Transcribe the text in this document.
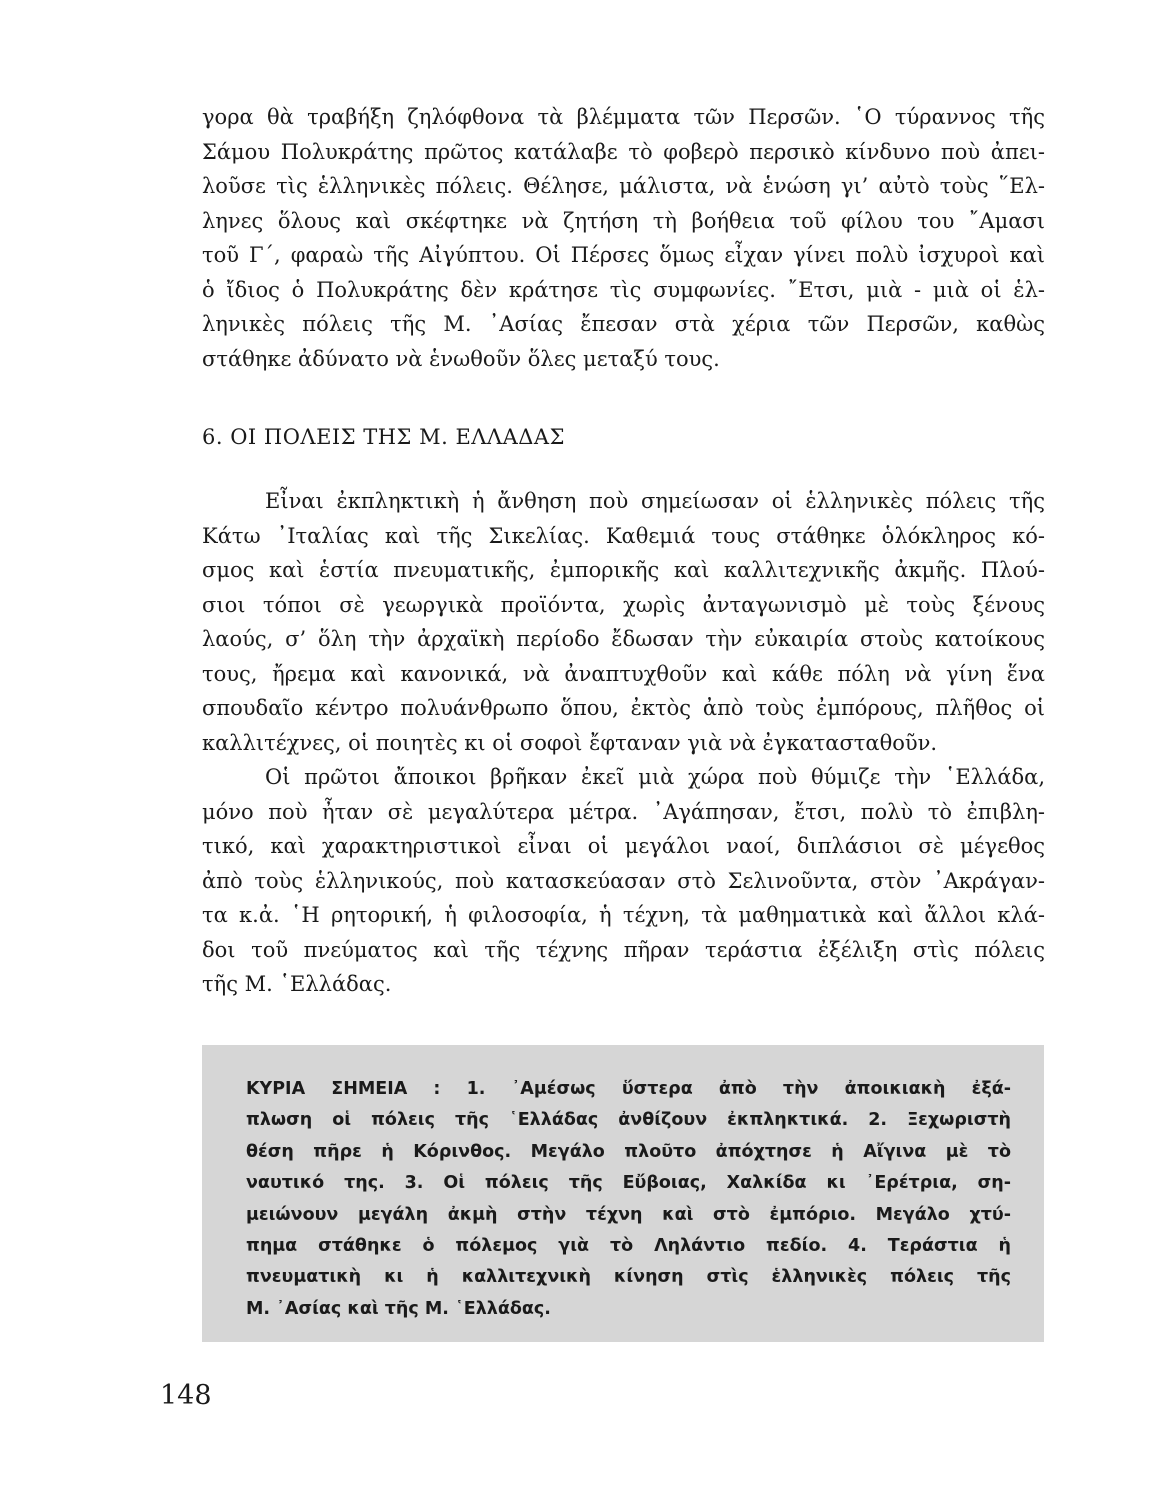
γορα θὰ τραβήξη ζηλόφθονα τὰ βλέμματα τῶν Περσῶν. ῾Ο τύραννος τῆς
Σάμου Πολυκράτης πρῶτος κατάλαβε τὸ φοβερὸ περσικὸ κίνδυνο ποὺ ἀπει-
λοῦσε τὶς ἑλληνικὲς πόλεις. Θέλησε, μάλιστα, νὰ ἑνώση γι’ αὐτὸ τοὺς ῞Ελ-
ληνες ὅλους καὶ σκέφτηκε νὰ ζητήση τὴ βοήθεια τοῦ φίλου του ῎Αμασι
τοῦ Γ΄, φαραὼ τῆς Αἰγύπτου. Οἱ Πέρσες ὅμως εἶχαν γίνει πολὺ ἰσχυροὶ καὶ
ὁ ἴδιος ὁ Πολυκράτης δὲν κράτησε τὶς συμφωνίες. ῎Ετσι, μιὰ - μιὰ οἱ ἑλ-
ληνικὲς πόλεις τῆς Μ. ᾿Ασίας ἔπεσαν στὰ χέρια τῶν Περσῶν, καθὼς
στάθηκε ἀδύνατο νὰ ἑνωθοῦν ὅλες μεταξύ τους.
6. ΟΙ ΠΟΛΕΙΣ ΤΗΣ Μ. ΕΛΛΑΔΑΣ
Εἶναι ἐκπληκτικὴ ἡ ἄνθηση ποὺ σημείωσαν οἱ ἑλληνικὲς πόλεις τῆς
Κάτω ᾿Ιταλίας καὶ τῆς Σικελίας. Καθεμιά τους στάθηκε ὁλόκληρος κό-
σμος καὶ ἑστία πνευματικῆς, ἐμπορικῆς καὶ καλλιτεχνικῆς ἀκμῆς. Πλού-
σιοι τόποι σὲ γεωργικὰ προϊόντα, χωρὶς ἀνταγωνισμὸ μὲ τοὺς ξένους
λαούς, σ’ ὅλη τὴν ἀρχαϊκὴ περίοδο ἔδωσαν τὴν εὐκαιρία στοὺς κατοίκους
τους, ἤρεμα καὶ κανονικά, νὰ ἀναπτυχθοῦν καὶ κάθε πόλη νὰ γίνη ἕνα
σπουδαῖο κέντρο πολυάνθρωπο ὅπου, ἐκτὸς ἀπὸ τοὺς ἐμπόρους, πλῆθος οἱ
καλλιτέχνες, οἱ ποιητὲς κι οἱ σοφοὶ ἔφταναν γιὰ νὰ ἐγκατασταθοῦν.
Οἱ πρῶτοι ἄποικοι βρῆκαν ἐκεῖ μιὰ χώρα ποὺ θύμιζε τὴν ῾Ελλάδα,
μόνο ποὺ ἦταν σὲ μεγαλύτερα μέτρα. ᾿Αγάπησαν, ἔτσι, πολὺ τὸ ἐπιβλη-
τικό, καὶ χαρακτηριστικοὶ εἶναι οἱ μεγάλοι ναοί, διπλάσιοι σὲ μέγεθος
ἀπὸ τοὺς ἑλληνικούς, ποὺ κατασκεύασαν στὸ Σελινοῦντα, στὸν ᾿Ακράγαν-
τα κ.ἀ. ῾Η ρητορική, ἡ φιλοσοφία, ἡ τέχνη, τὰ μαθηματικὰ καὶ ἄλλοι κλά-
δοι τοῦ πνεύματος καὶ τῆς τέχνης πῆραν τεράστια ἐξέλιξη στὶς πόλεις
τῆς Μ. ῾Ελλάδας.
ΚΥΡΙΑ ΣΗΜΕΙΑ : 1. ᾿Αμέσως ὕστερα ἀπὸ τὴν ἀποικιακὴ ἐξά-
πλωση οἱ πόλεις τῆς ῾Ελλάδας ἀνθίζουν ἐκπληκτικά. 2. Ξεχωριστὴ
θέση πῆρε ἡ Κόρινθος. Μεγάλο πλοῦτο ἀπόχτησε ἡ Αἴγινα μὲ τὸ
ναυτικό της. 3. Οἱ πόλεις τῆς Εὔβοιας, Χαλκίδα κι ᾿Ερέτρια, ση-
μειώνουν μεγάλη ἀκμὴ στὴν τέχνη καὶ στὸ ἐμπόριο. Μεγάλο χτύ-
πημα στάθηκε ὁ πόλεμος γιὰ τὸ Ληλάντιο πεδίο. 4. Τεράστια ἡ
πνευματικὴ κι ἡ καλλιτεχνικὴ κίνηση στὶς ἑλληνικὲς πόλεις τῆς
Μ. ᾿Ασίας καὶ τῆς Μ. ῾Ελλάδας.
148
